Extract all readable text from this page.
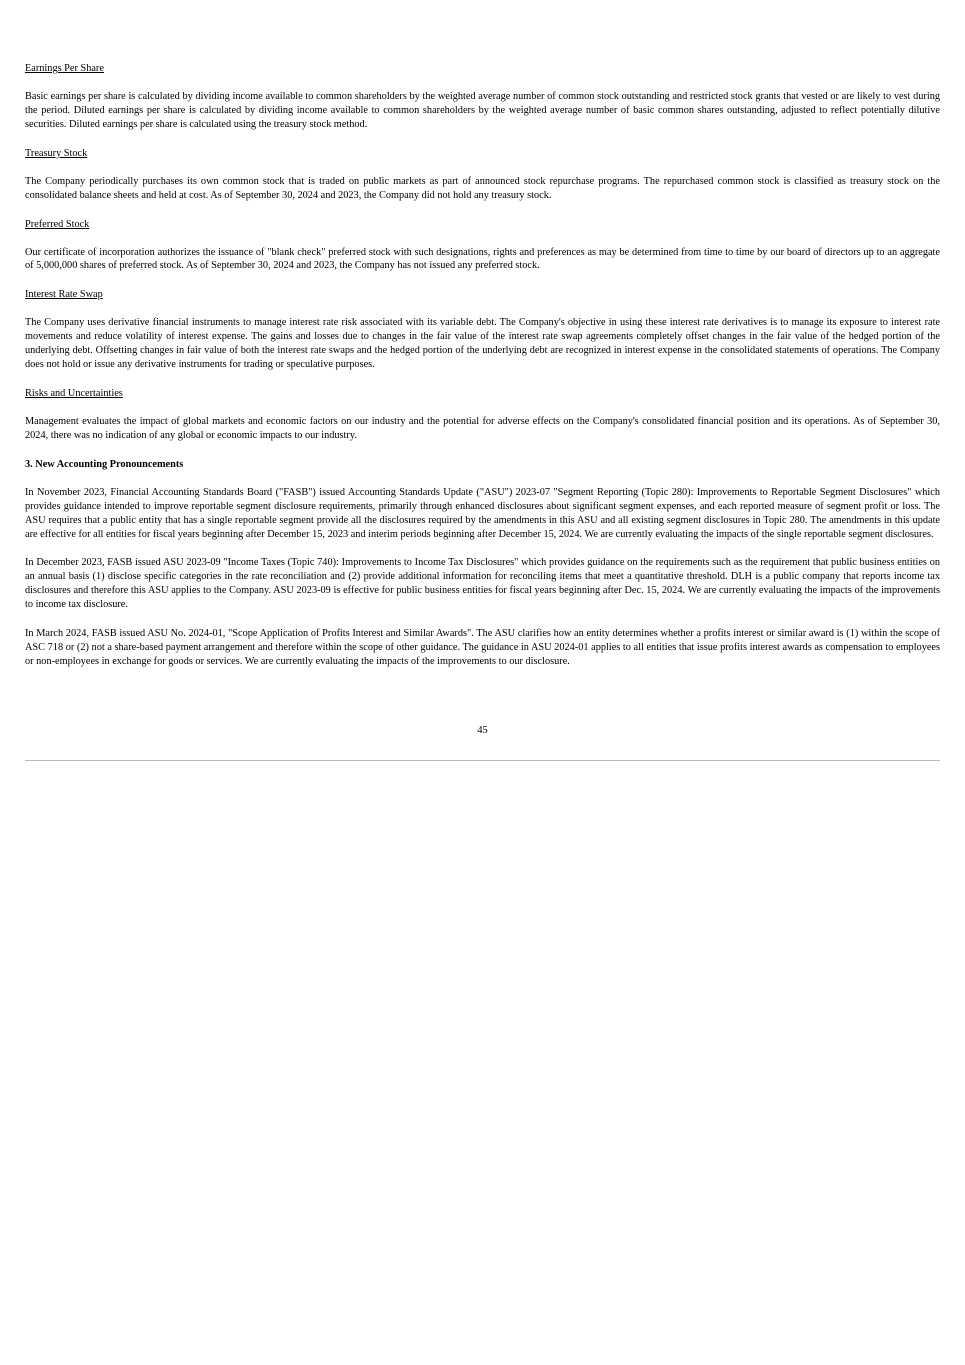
Earnings Per Share

Basic earnings per share is calculated by dividing income available to common shareholders by the weighted average number of common stock outstanding and restricted stock grants that vested or are likely to vest during the period. Diluted earnings per share is calculated by dividing income available to common shareholders by the weighted average number of basic common shares outstanding, adjusted to reflect potentially dilutive securities. Diluted earnings per share is calculated using the treasury stock method.

Treasury Stock

The Company periodically purchases its own common stock that is traded on public markets as part of announced stock repurchase programs. The repurchased common stock is classified as treasury stock on the consolidated balance sheets and held at cost. As of September 30, 2024 and 2023, the Company did not hold any treasury stock.

Preferred Stock

Our certificate of incorporation authorizes the issuance of "blank check" preferred stock with such designations, rights and preferences as may be determined from time to time by our board of directors up to an aggregate of 5,000,000 shares of preferred stock. As of September 30, 2024 and 2023, the Company has not issued any preferred stock.

Interest Rate Swap

The Company uses derivative financial instruments to manage interest rate risk associated with its variable debt. The Company's objective in using these interest rate derivatives is to manage its exposure to interest rate movements and reduce volatility of interest expense. The gains and losses due to changes in the fair value of the interest rate swap agreements completely offset changes in the fair value of the hedged portion of the underlying debt. Offsetting changes in fair value of both the interest rate swaps and the hedged portion of the underlying debt are recognized in interest expense in the consolidated statements of operations. The Company does not hold or issue any derivative instruments for trading or speculative purposes.

Risks and Uncertainties

Management evaluates the impact of global markets and economic factors on our industry and the potential for adverse effects on the Company's consolidated financial position and its operations. As of September 30, 2024, there was no indication of any global or economic impacts to our industry.

3. New Accounting Pronouncements

In November 2023, Financial Accounting Standards Board ("FASB") issued Accounting Standards Update ("ASU") 2023-07 "Segment Reporting (Topic 280): Improvements to Reportable Segment Disclosures" which provides guidance intended to improve reportable segment disclosure requirements, primarily through enhanced disclosures about significant segment expenses, and each reported measure of segment profit or loss. The ASU requires that a public entity that has a single reportable segment provide all the disclosures required by the amendments in this ASU and all existing segment disclosures in Topic 280. The amendments in this update are effective for all entities for fiscal years beginning after December 15, 2023 and interim periods beginning after December 15, 2024. We are currently evaluating the impacts of the single reportable segment disclosures.

In December 2023, FASB issued ASU 2023-09 "Income Taxes (Topic 740): Improvements to Income Tax Disclosures" which provides guidance on the requirements such as the requirement that public business entities on an annual basis (1) disclose specific categories in the rate reconciliation and (2) provide additional information for reconciling items that meet a quantitative threshold. DLH is a public company that reports income tax disclosures and therefore this ASU applies to the Company. ASU 2023-09 is effective for public business entities for fiscal years beginning after Dec. 15, 2024. We are currently evaluating the impacts of the improvements to income tax disclosure.

In March 2024, FASB issued ASU No. 2024-01, "Scope Application of Profits Interest and Similar Awards". The ASU clarifies how an entity determines whether a profits interest or similar award is (1) within the scope of ASC 718 or (2) not a share-based payment arrangement and therefore within the scope of other guidance. The guidance in ASU 2024-01 applies to all entities that issue profits interest awards as compensation to employees or non-employees in exchange for goods or services. We are currently evaluating the impacts of the improvements to our disclosure.

45
